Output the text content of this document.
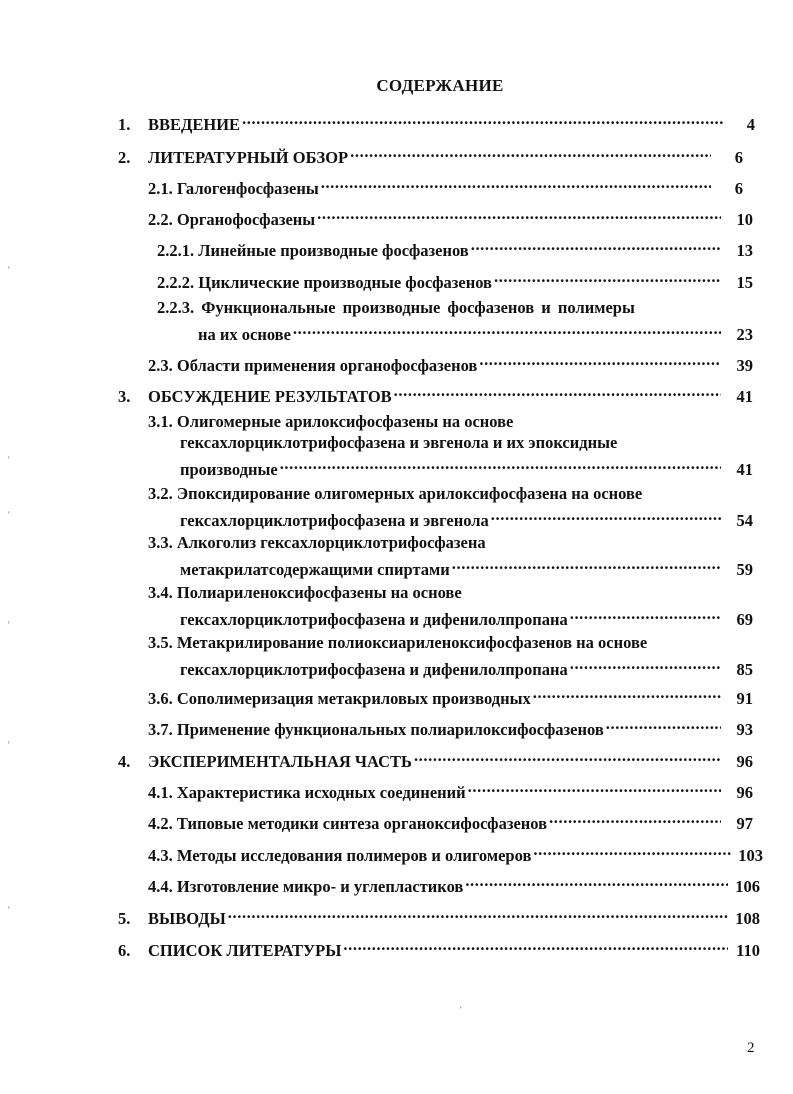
СОДЕРЖАНИЕ
1.	ВВЕДЕНИЕ .....	4
2.	ЛИТЕРАТУРНЫЙ ОБЗОР .....	6
2.1. Галогенфосфазены .....	6
2.2. Органофосфазены .....	10
2.2.1. Линейные производные фосфазенов .....	13
2.2.2. Циклические производные фосфазенов .....	15
2.2.3. Функциональные производные фосфазенов и полимеры
на их основе .....	23
2.3. Области применения органофосфазенов .....	39
3.	ОБСУЖДЕНИЕ РЕЗУЛЬТАТОВ .....	41
3.1. Олигомерные арилоксифосфазены на основе
гексахлорциклотрифосфазена и эвгенола и их эпоксидные
производные .....	41
3.2. Эпоксидирование олигомерных арилоксифосфазена на основе
гексахлорциклотрифосфазена и эвгенола .....	54
3.3. Алкоголиз гексахлорциклотрифосфазена
метакрилатсодержащими спиртами .....	59
3.4. Полиариленоксифосфазены на основе
гексахлорциклотрифосфазена и дифенилолпропана .....	69
3.5. Метакрилирование полиоксиариленоксифосфазенов на основе
гексахлорциклотрифосфазена и дифенилолпропана .....	85
3.6. Сополимеризация метакриловых производных .....	91
3.7. Применение функциональных полиарилоксифосфазенов .....	93
4.	ЭКСПЕРИМЕНТАЛЬНАЯ ЧАСТЬ .....	96
4.1. Характеристика исходных соединений .....	96
4.2. Типовые методики синтеза органоксифосфазенов .....	97
4.3. Методы исследования полимеров и олигомеров .....	103
4.4. Изготовление микро- и углепластиков .....	106
5.	ВЫВОДЫ .....	108
6.	СПИСОК ЛИТЕРАТУРЫ .....	110
2
'
'
'
'
'
'
'
